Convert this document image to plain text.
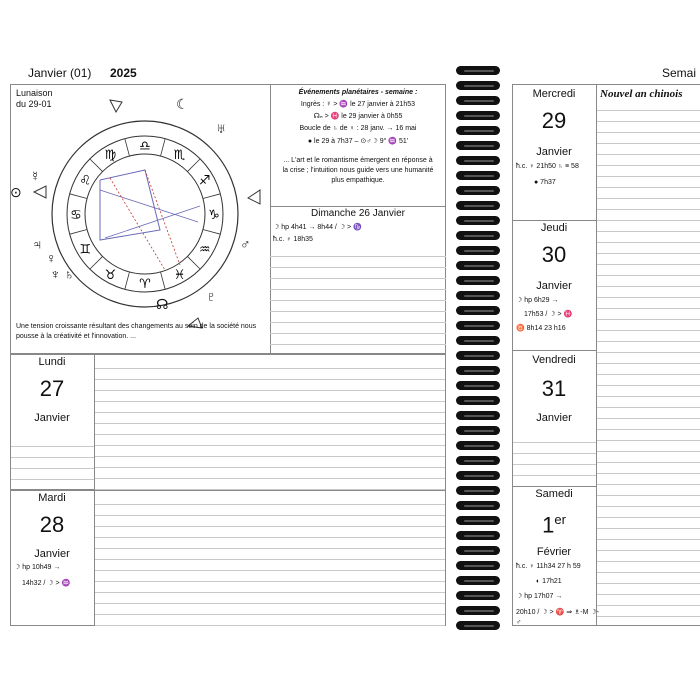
Janvier (01) 2025
Lunaison
du 29-01
♏
♎
♍
♌
♋
♊
♉
♈
♓
♒
♑
♐
☾
♅
⊙
☿
♃
♀
♆ ♄
♂
♇
☊
Événements planétaires - semaine :
Ingrès : ☿ > ♒ le 27 janvier à 21h53
☊ₙ > ♓ le 29 janvier à 0h55
Boucle de ♄ de ♀ : 28 janv. → 16 mai
● le 29 à 7h37 – ⊙♂☽ 9° ♒ 51'
... L'art et le romantisme émergent en réponse à la crise ; l'intuition nous guide vers une humanité plus empathique.
Dimanche 26 Janvier
☽ hp 4h41 → 8h44 / ☽ > ♑
ħ.c. ♀ 18h35
Une tension croissante résultant des changements au sein de la société nous pousse à la créativité et l'innovation. ...
Lundi
27
Janvier
Mardi
28
Janvier
☽ hp 10h49 →
14h32 / ☽ > ♒
Semai
Nouvel an chinois
Mercredi
29
Janvier
ħ.c. ♀ 21h50 ♄ ≡ 58
● 7h37
Jeudi
30
Janvier
☽ hp 6h29 →
17h53 / ☽ > ♓
♉ 8h14 23 h16
Vendredi
31
Janvier
Samedi
1er
Février
ħ.c. ♀ 11h34 27 h 59
◐ 17h21
☽ hp 17h07 →
20h10 / ☽ > ♈ ⇒ ♗-M ☽-♂
